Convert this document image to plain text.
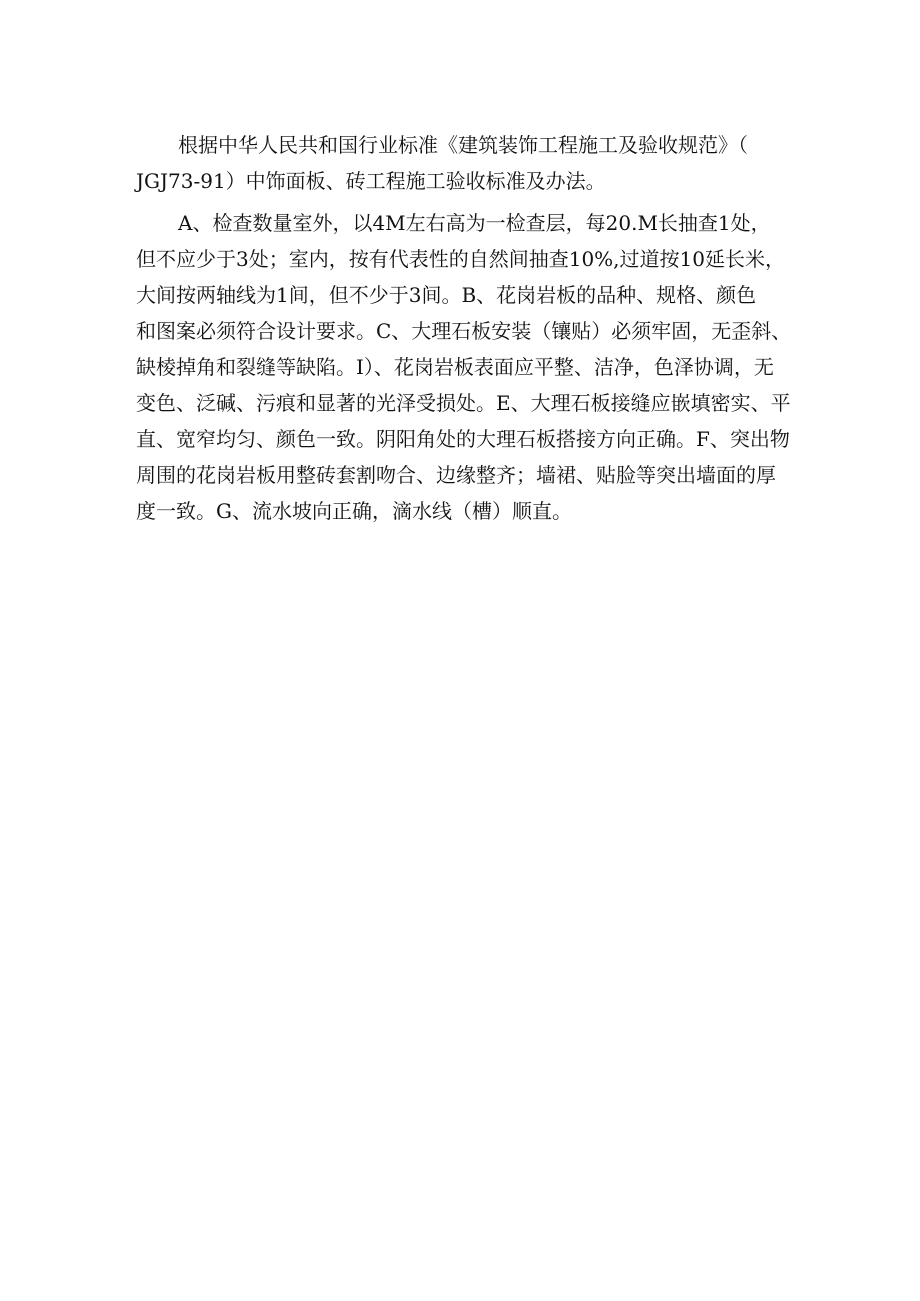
根据中华人民共和国行业标准《建筑装饰工程施工及验收规范》（
JGJ73-91）中饰面板、砖工程施工验收标准及办法。
A、检查数量室外，以4M左右高为一检查层，每20.M长抽查1处，
但不应少于3处；室内，按有代表性的自然间抽查10%,过道按10延长米，
大间按两轴线为1间，但不少于3间。B、花岗岩板的品种、规格、颜色
和图案必须符合设计要求。C、大理石板安装（镶贴）必须牢固，无歪斜、
缺棱掉角和裂缝等缺陷。I）、花岗岩板表面应平整、洁净，色泽协调，无
变色、泛碱、污痕和显著的光泽受损处。E、大理石板接缝应嵌填密实、平
直、宽窄均匀、颜色一致。阴阳角处的大理石板搭接方向正确。F、突出物
周围的花岗岩板用整砖套割吻合、边缘整齐；墙裙、贴脸等突出墙面的厚
度一致。G、流水坡向正确，滴水线（槽）顺直。
